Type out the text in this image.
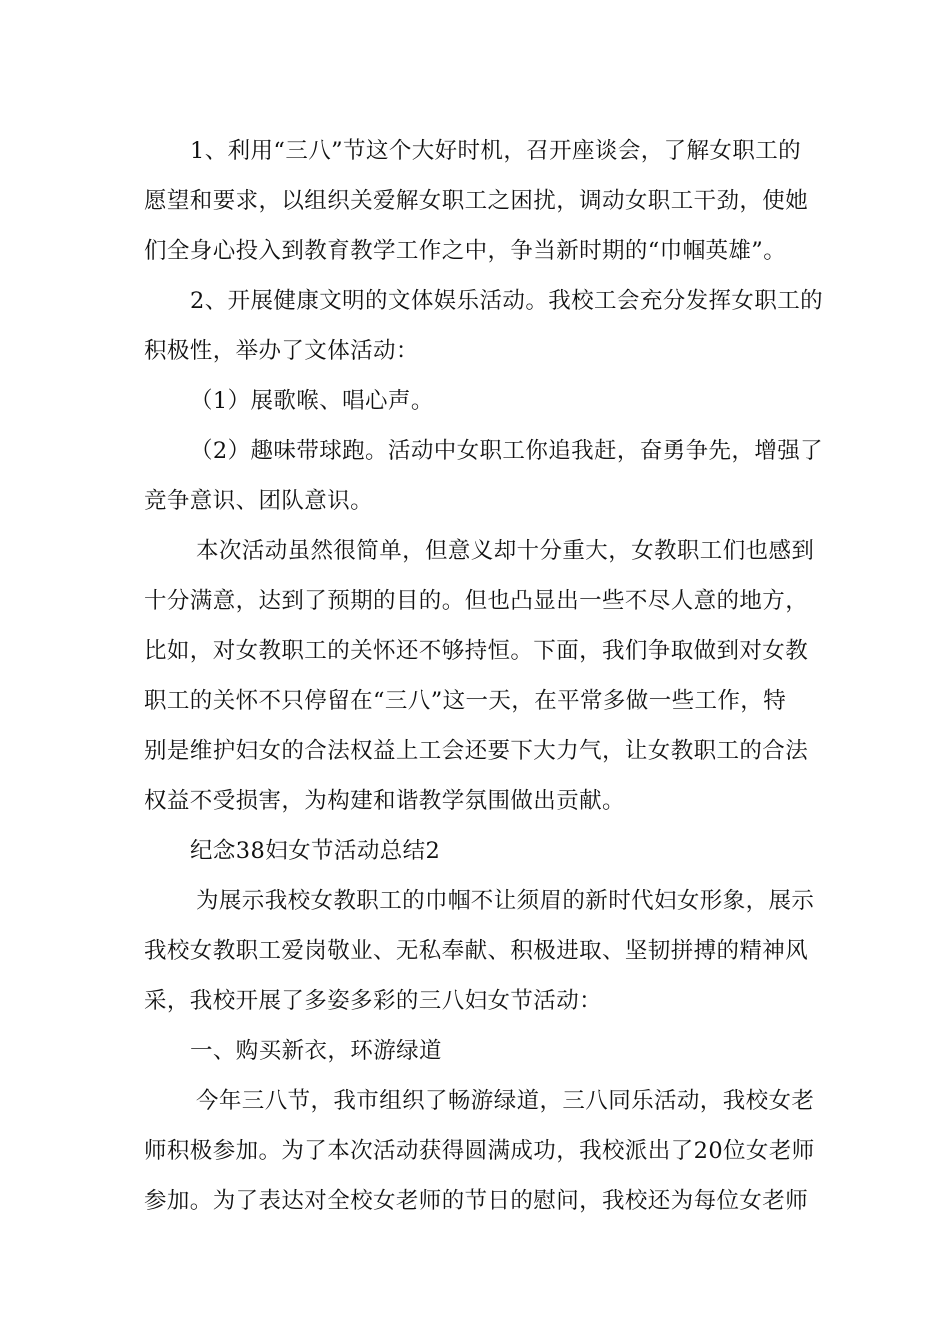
1、利用“三八”节这个大好时机，召开座谈会，了解女职工的
愿望和要求，以组织关爱解女职工之困扰，调动女职工干劲，使她
们全身心投入到教育教学工作之中，争当新时期的“巾帼英雄”。
2、开展健康文明的文体娱乐活动。我校工会充分发挥女职工的
积极性，举办了文体活动：
（1）展歌喉、唱心声。
（2）趣味带球跑。活动中女职工你追我赶，奋勇争先，增强了
竞争意识、团队意识。
本次活动虽然很简单，但意义却十分重大，女教职工们也感到
十分满意，达到了预期的目的。但也凸显出一些不尽人意的地方，
比如，对女教职工的关怀还不够持恒。下面，我们争取做到对女教
职工的关怀不只停留在“三八”这一天，在平常多做一些工作，特
别是维护妇女的合法权益上工会还要下大力气，让女教职工的合法
权益不受损害，为构建和谐教学氛围做出贡献。
纪念38妇女节活动总结2
为展示我校女教职工的巾帼不让须眉的新时代妇女形象，展示
我校女教职工爱岗敬业、无私奉献、积极进取、坚韧拼搏的精神风
采，我校开展了多姿多彩的三八妇女节活动：
一、购买新衣，环游绿道
今年三八节，我市组织了畅游绿道，三八同乐活动，我校女老
师积极参加。为了本次活动获得圆满成功，我校派出了20位女老师
参加。为了表达对全校女老师的节日的慰问，我校还为每位女老师
